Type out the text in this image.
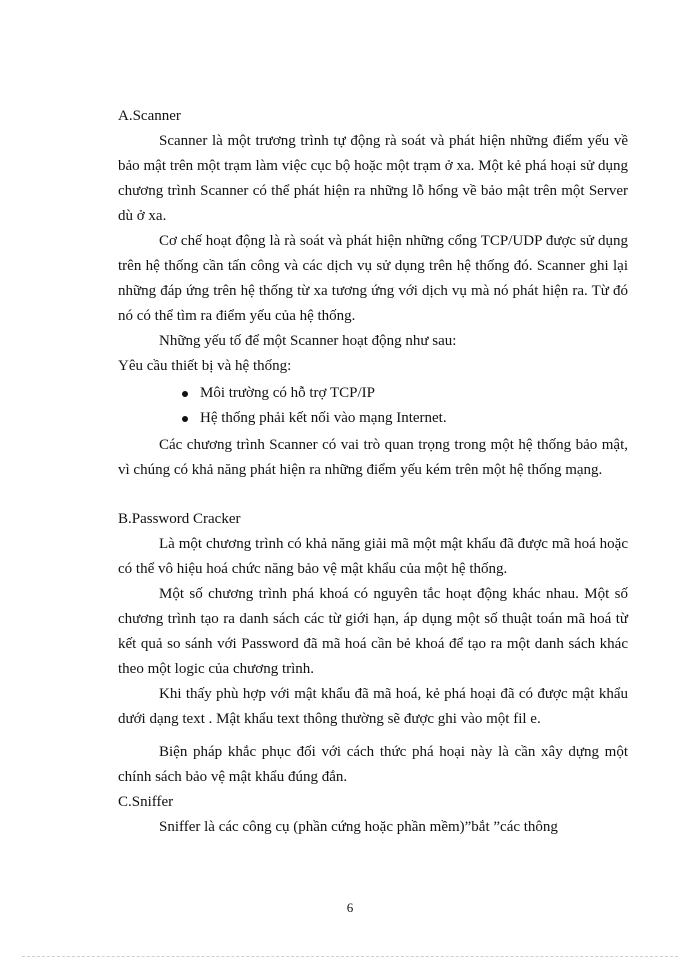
A.Scanner

Scanner là một trương trình tự động rà soát và phát hiện những điểm yếu về bảo mật trên một trạm làm việc cục bộ hoặc một trạm ở xa. Một kẻ phá hoại sử dụng chương trình Scanner có thể phát hiện ra những lỗ hổng về bảo mật trên một Server dù ở xa.

Cơ chế hoạt động là rà soát và phát hiện những cổng TCP/UDP được sử dụng trên hệ thống cần tấn công và các dịch vụ sử dụng trên hệ thống đó. Scanner ghi lại những đáp ứng trên hệ thống từ xa tương ứng với dịch vụ mà nó phát hiện ra. Từ đó nó có thể tìm ra điểm yếu của hệ thống.

Những yếu tố để một Scanner hoạt động như sau:

Yêu cầu thiết bị và hệ thống:

Môi trường có hỗ trợ TCP/IP
Hệ thống phải kết nối vào mạng Internet.

Các chương trình Scanner có vai trò quan trọng trong một hệ thống bảo mật, vì chúng có khả năng phát hiện ra những điểm yếu kém trên một hệ thống mạng.

B.Password Cracker

Là một chương trình có khả năng giải mã một mật khẩu đã được mã hoá hoặc có thể vô hiệu hoá chức năng bảo vệ mật khẩu của một hệ thống.

Một số chương trình phá khoá có nguyên tắc hoạt động khác nhau. Một số chương trình tạo ra danh sách các từ giới hạn, áp dụng một số thuật toán mã hoá từ kết quả so sánh với Password đã mã hoá cần bẻ khoá để tạo ra một danh sách khác theo một logic của chương trình.

Khi thấy phù hợp với mật khẩu đã mã hoá, kẻ phá hoại đã có được mật khẩu dưới dạng text . Mật khẩu text thông thường sẽ được ghi vào một fil e.

Biện pháp khắc phục đối với cách thức phá hoại này là cần xây dựng một chính sách bảo vệ mật khẩu đúng đắn.

C.Sniffer

Sniffer là các công cụ (phần cứng hoặc phần mềm)”bắt ”các thông

6
